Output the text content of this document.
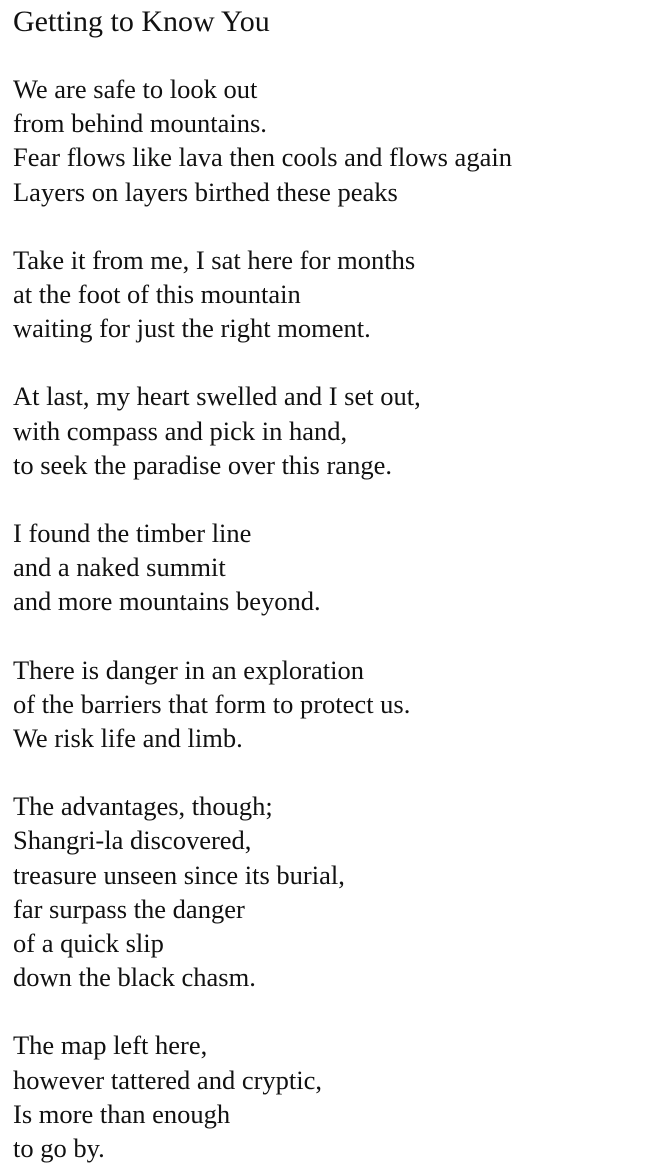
Getting to Know You
We are safe to look out
from behind mountains.
Fear flows like lava then cools and flows again
Layers on layers birthed these peaks
Take it from me, I sat here for months
at the foot of this mountain
waiting for just the right moment.
At last, my heart swelled and I set out,
with compass and pick in hand,
to seek the paradise over this range.
I found the timber line
and a naked summit
and more mountains beyond.
There is danger in an exploration
of the barriers that form to protect us.
We risk life and limb.
The advantages, though;
Shangri-la discovered,
treasure unseen since its burial,
far surpass the danger
of a quick slip
down the black chasm.
The map left here,
however tattered and cryptic,
Is more than enough
to go by.
